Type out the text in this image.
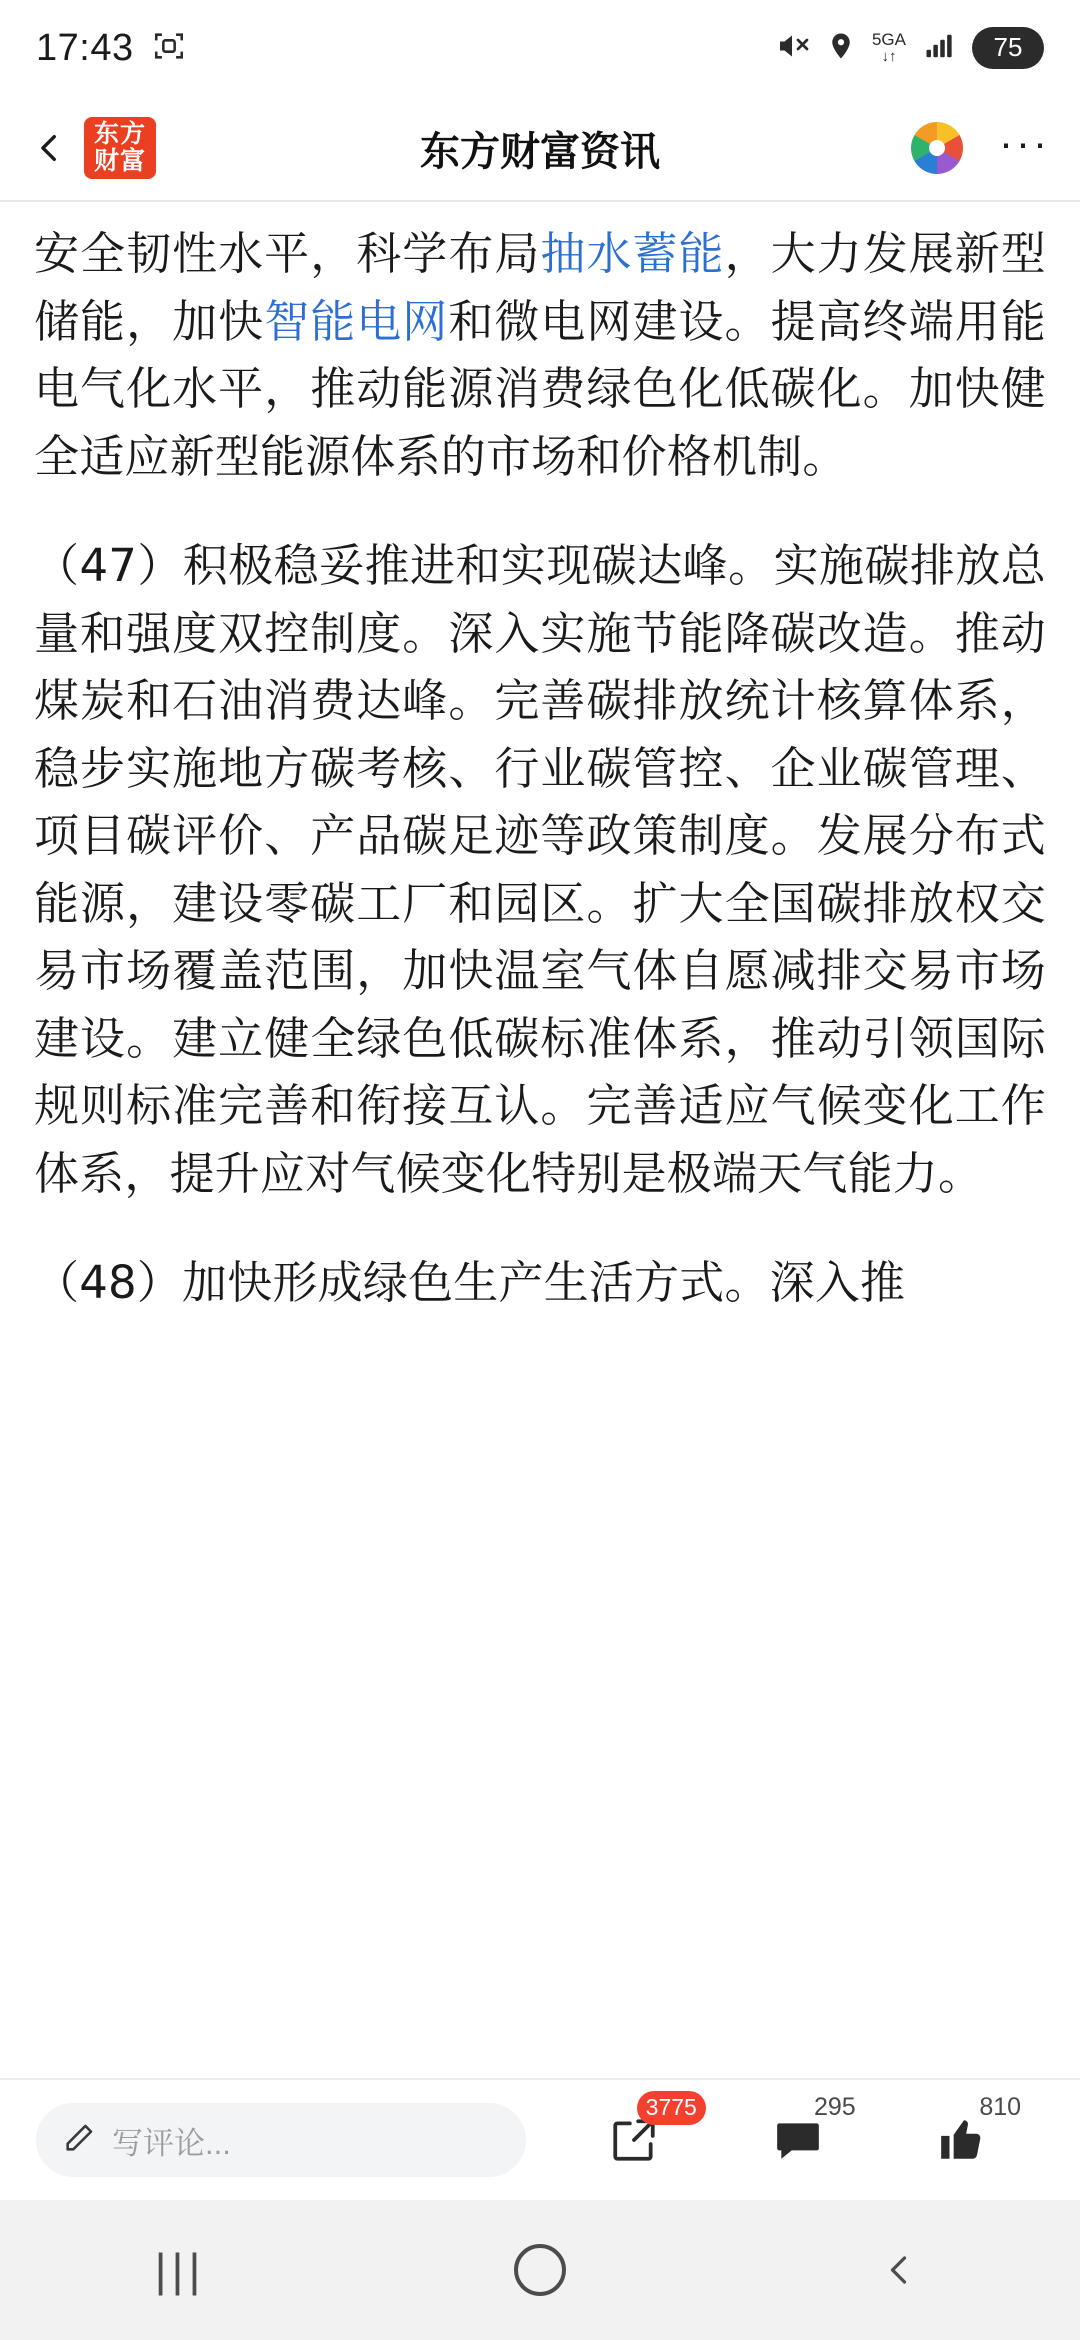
17:43	5GA
↓↑	75
东方
财富	东方财富资讯	···

安全韧性水平，科学布局抽水蓄能，大力发展新型储能，加快智能电网和微电网建设。提高终端用能电气化水平，推动能源消费绿色化低碳化。加快健全适应新型能源体系的市场和价格机制。

（47）积极稳妥推进和实现碳达峰。实施碳排放总量和强度双控制度。深入实施节能降碳改造。推动煤炭和石油消费达峰。完善碳排放统计核算体系，稳步实施地方碳考核、行业碳管控、企业碳管理、项目碳评价、产品碳足迹等政策制度。发展分布式能源，建设零碳工厂和园区。扩大全国碳排放权交易市场覆盖范围，加快温室气体自愿减排交易市场建设。建立健全绿色低碳标准体系，推动引领国际规则标准完善和衔接互认。完善适应气候变化工作体系，提升应对气候变化特别是极端天气能力。

（48）加快形成绿色生产生活方式。深入推

写评论...
3775	295	810
|||
